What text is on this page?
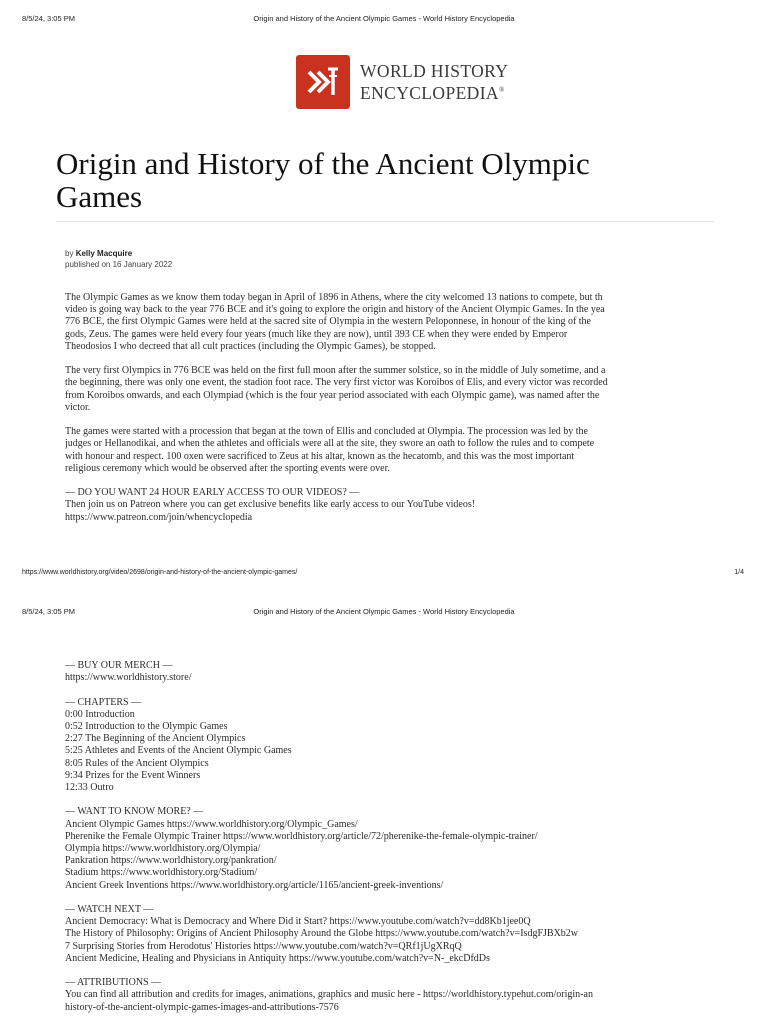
8/5/24, 3:05 PM	Origin and History of the Ancient Olympic Games - World History Encyclopedia
WORLD HISTORY
ENCYCLOPEDIA®
Origin and History of the Ancient Olympic
Games
by Kelly Macquire
published on 16 January 2022
The Olympic Games as we know them today began in April of 1896 in Athens, where the city welcomed 13 nations to compete, but th
video is going way back to the year 776 BCE and it's going to explore the origin and history of the Ancient Olympic Games. In the yea
776 BCE, the first Olympic Games were held at the sacred site of Olympia in the western Peloponnese, in honour of the king of the
gods, Zeus. The games were held every four years (much like they are now), until 393 CE when they were ended by Emperor
Theodosios I who decreed that all cult practices (including the Olympic Games), be stopped.
The very first Olympics in 776 BCE was held on the first full moon after the summer solstice, so in the middle of July sometime, and a
the beginning, there was only one event, the stadion foot race. The very first victor was Koroibos of Elis, and every victor was recorded
from Koroibos onwards, and each Olympiad (which is the four year period associated with each Olympic game), was named after the
victor.
The games were started with a procession that began at the town of Ellis and concluded at Olympia. The procession was led by the
judges or Hellanodikai, and when the athletes and officials were all at the site, they swore an oath to follow the rules and to compete
with honour and respect. 100 oxen were sacrificed to Zeus at his altar, known as the hecatomb, and this was the most important
religious ceremony which would be observed after the sporting events were over.
— DO YOU WANT 24 HOUR EARLY ACCESS TO OUR VIDEOS? —
Then join us on Patreon where you can get exclusive benefits like early access to our YouTube videos!
https://www.patreon.com/join/whencyclopedia
https://www.worldhistory.org/video/2698/origin-and-history-of-the-ancient-olympic-games/	1/4
8/5/24, 3:05 PM	Origin and History of the Ancient Olympic Games - World History Encyclopedia
— BUY OUR MERCH —
https://www.worldhistory.store/
— CHAPTERS —
0:00 Introduction
0:52 Introduction to the Olympic Games
2:27 The Beginning of the Ancient Olympics
5:25 Athletes and Events of the Ancient Olympic Games
8:05 Rules of the Ancient Olympics
9:34 Prizes for the Event Winners
12:33 Outro
— WANT TO KNOW MORE? —
Ancient Olympic Games https://www.worldhistory.org/Olympic_Games/
Pherenike the Female Olympic Trainer https://www.worldhistory.org/article/72/pherenike-the-female-olympic-trainer/
Olympia https://www.worldhistory.org/Olympia/
Pankration https://www.worldhistory.org/pankration/
Stadium https://www.worldhistory.org/Stadium/
Ancient Greek Inventions https://www.worldhistory.org/article/1165/ancient-greek-inventions/
— WATCH NEXT —
Ancient Democracy: What is Democracy and Where Did it Start? https://www.youtube.com/watch?v=dd8Kb1jee0Q
The History of Philosophy: Origins of Ancient Philosophy Around the Globe https://www.youtube.com/watch?v=IsdgFJBXb2w
7 Surprising Stories from Herodotus' Histories https://www.youtube.com/watch?v=QRf1jUgXRqQ
Ancient Medicine, Healing and Physicians in Antiquity https://www.youtube.com/watch?v=N-_ekcDfdDs
— ATTRIBUTIONS —
You can find all attribution and credits for images, animations, graphics and music here - https://worldhistory.typehut.com/origin-an
history-of-the-ancient-olympic-games-images-and-attributions-7576
